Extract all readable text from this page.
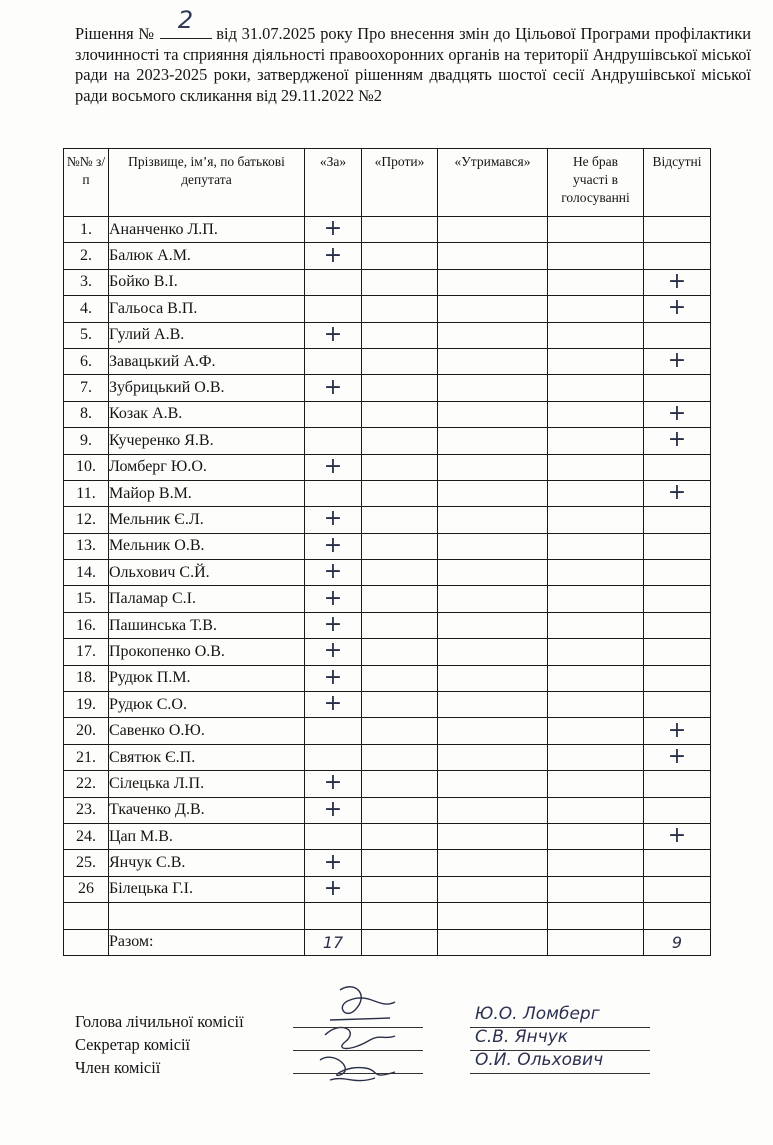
Рішення № 2	від 31.07.2025 року Про внесення змін до Цільової Програми профілактики злочинності та сприяння діяльності правоохоронних органів на території Андрушівської міської ради на 2023-2025 роки, затвердженої рішенням двадцять шостої сесії Андрушівської міської ради восьмого скликання від 29.11.2022 №2
№№ з/п	Прізвище, ім’я, по батькові депутата	«За»	«Проти»	«Утримався»	Не брав участі в голосуванні	Відсутні
1.	Ананченко Л.П.	+				
2.	Балюк А.М.	+				
3.	Бойко В.І.					+
4.	Гальоса В.П.					+
5.	Гулий А.В.	+				
6.	Завацький А.Ф.					+
7.	Зубрицький О.В.	+				
8.	Козак А.В.					+
9.	Кучеренко Я.В.					+
10.	Ломберг Ю.О.	+				
11.	Майор В.М.					+
12.	Мельник Є.Л.	+				
13.	Мельник О.В.	+				
14.	Ольхович С.Й.	+				
15.	Паламар С.І.	+				
16.	Пашинська Т.В.	+				
17.	Прокопенко О.В.	+				
18.	Рудюк П.М.	+				
19.	Рудюк С.О.	+				
20.	Савенко О.Ю.					+
21.	Святюк Є.П.					+
22.	Сілецька Л.П.	+				
23.	Ткаченко Д.В.	+				
24.	Цап М.В.					+
25.	Янчук С.В.	+				
26	Білецька Г.І.	+				

	Разом:	17				9
Ю.О. Ломберг
С.В. Янчук
О.Й. Ольхович
Голова лічильної комісії
Секретар комісії
Член комісії
